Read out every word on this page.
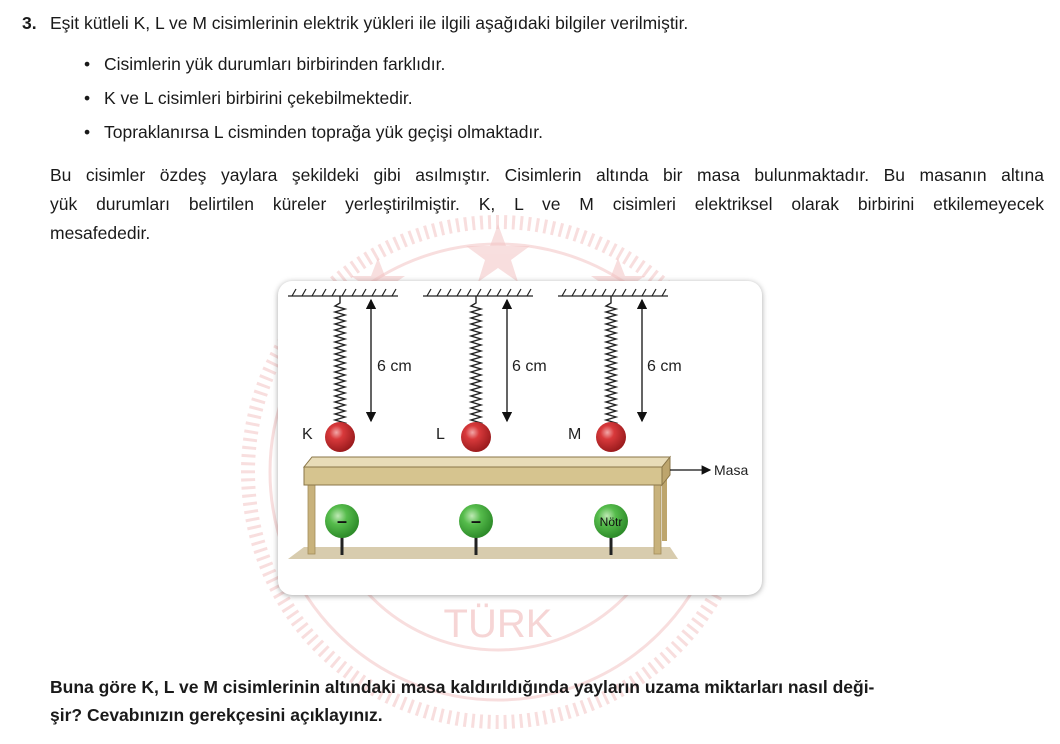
TÜRK
3. Eşit kütleli K, L ve M cisimlerinin elektrik yükleri ile ilgili aşağıdaki bilgiler verilmiştir.
• Cisimlerin yük durumları birbirinden farklıdır.
• K ve L cisimleri birbirini çekebilmektedir.
• Topraklanırsa L cisminden toprağa yük geçişi olmaktadır.
Bu cisimler özdeş yaylara şekildeki gibi asılmıştır. Cisimlerin altında bir masa bulunmaktadır. Bu masanın altına
yük durumları belirtilen küreler yerleştirilmiştir. K, L ve M cisimleri elektriksel olarak birbirini etkilemeyecek
mesafededir.
6 cm	6 cm	6 cm
K	L	M
Masa
–	–	Nötr
Buna göre K, L ve M cisimlerinin altındaki masa kaldırıldığında yayların uzama miktarları nasıl deği-
şir? Cevabınızın gerekçesini açıklayınız.
